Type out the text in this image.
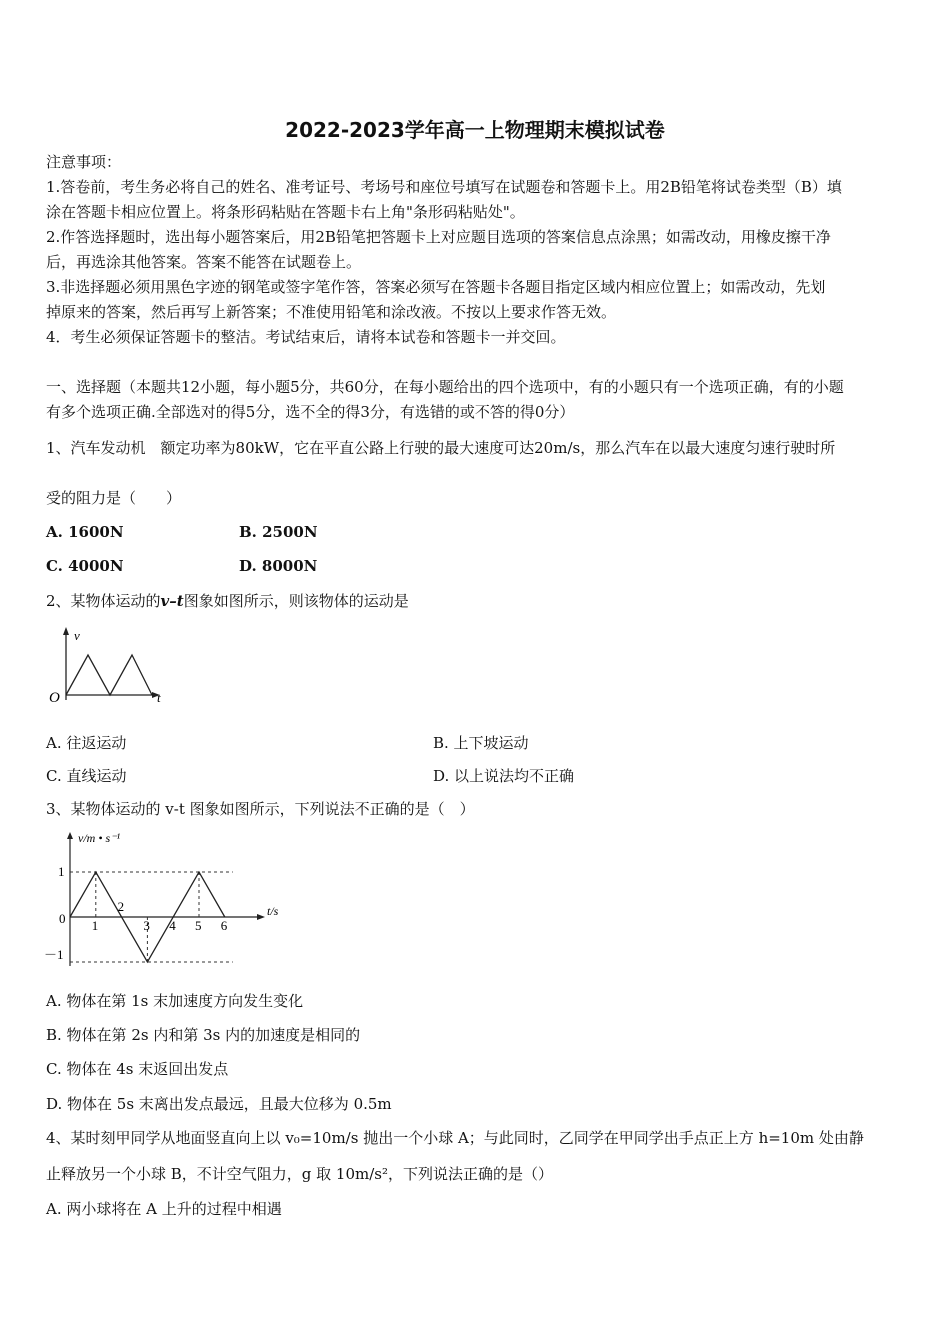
2022-2023学年高一上物理期末模拟试卷
注意事项：
1.答卷前，考生务必将自己的姓名、准考证号、考场号和座位号填写在试题卷和答题卡上。用2B铅笔将试卷类型（B）填
涂在答题卡相应位置上。将条形码粘贴在答题卡右上角"条形码粘贴处"。
2.作答选择题时，选出每小题答案后，用2B铅笔把答题卡上对应题目选项的答案信息点涂黑；如需改动，用橡皮擦干净
后，再选涂其他答案。答案不能答在试题卷上。
3.非选择题必须用黑色字迹的钢笔或签字笔作答，答案必须写在答题卡各题目指定区域内相应位置上；如需改动，先划
掉原来的答案，然后再写上新答案；不准使用铅笔和涂改液。不按以上要求作答无效。
4．考生必须保证答题卡的整洁。考试结束后，请将本试卷和答题卡一并交回。
一、选择题（本题共12小题，每小题5分，共60分，在每小题给出的四个选项中，有的小题只有一个选项正确，有的小题
有多个选项正确.全部选对的得5分，选不全的得3分，有选错的或不答的得0分）
1、汽车发动机　额定功率为80kW，它在平直公路上行驶的最大速度可达20m/s，那么汽车在以最大速度匀速行驶时所
受的阻力是（　　）
A. 1600N	B. 2500N
C. 4000N	D. 8000N
2、某物体运动的v–t图象如图所示，则该物体的运动是
v
O	t
A. 往返运动	B. 上下坡运动
C. 直线运动	D. 以上说法均不正确
3、某物体运动的 v-t 图象如图所示，下列说法不正确的是（　）
v/m • s⁻¹
t/s
1
－1
0 1
2
3 4 5 6
A. 物体在第 1s 末加速度方向发生变化
B. 物体在第 2s 内和第 3s 内的加速度是相同的
C. 物体在 4s 末返回出发点
D. 物体在 5s 末离出发点最远，且最大位移为 0.5m
4、某时刻甲同学从地面竖直向上以 v₀=10m/s 抛出一个小球 A；与此同时，乙同学在甲同学出手点正上方 h=10m 处由静
止释放另一个小球 B，不计空气阻力，g 取 10m/s²，下列说法正确的是（）
A. 两小球将在 A 上升的过程中相遇
